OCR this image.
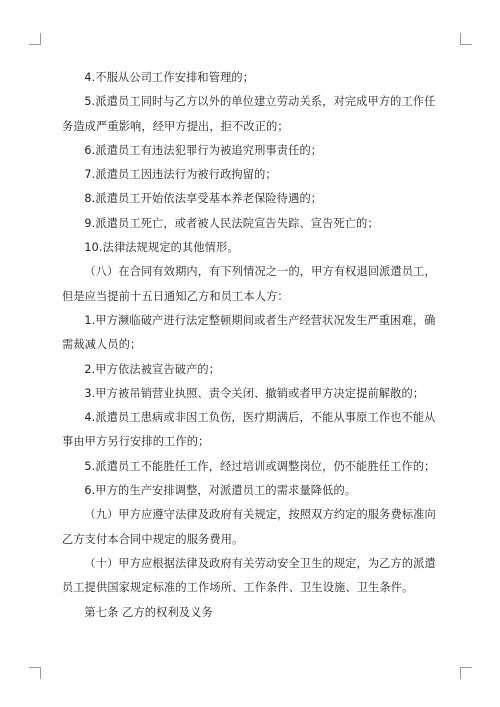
4.不服从公司工作安排和管理的；

5.派遣员工同时与乙方以外的单位建立劳动关系，对完成甲方的工作任务造成严重影响，经甲方提出，拒不改正的；

6.派遣员工有违法犯罪行为被追究刑事责任的；

7.派遣员工因违法行为被行政拘留的；

8.派遣员工开始依法享受基本养老保险待遇的；

9.派遣员工死亡，或者被人民法院宣告失踪、宣告死亡的；

10.法律法规规定的其他情形。

（八）在合同有效期内，有下列情况之一的，甲方有权退回派遣员工，但是应当提前十五日通知乙方和员工本人方：

1.甲方濒临破产进行法定整顿期间或者生产经营状况发生严重困难，确需裁减人员的；

2.甲方依法被宣告破产的；

3.甲方被吊销营业执照、责令关闭、撤销或者甲方决定提前解散的；

4.派遣员工患病或非因工负伤，医疗期满后，不能从事原工作也不能从事由甲方另行安排的工作的；

5.派遣员工不能胜任工作，经过培训或调整岗位，仍不能胜任工作的；

6.甲方的生产安排调整，对派遣员工的需求量降低的。

（九）甲方应遵守法律及政府有关规定，按照双方约定的服务费标准向乙方支付本合同中规定的服务费用。

（十）甲方应根据法律及政府有关劳动安全卫生的规定，为乙方的派遣员工提供国家规定标准的工作场所、工作条件、卫生设施、卫生条件。

第七条 乙方的权利及义务
